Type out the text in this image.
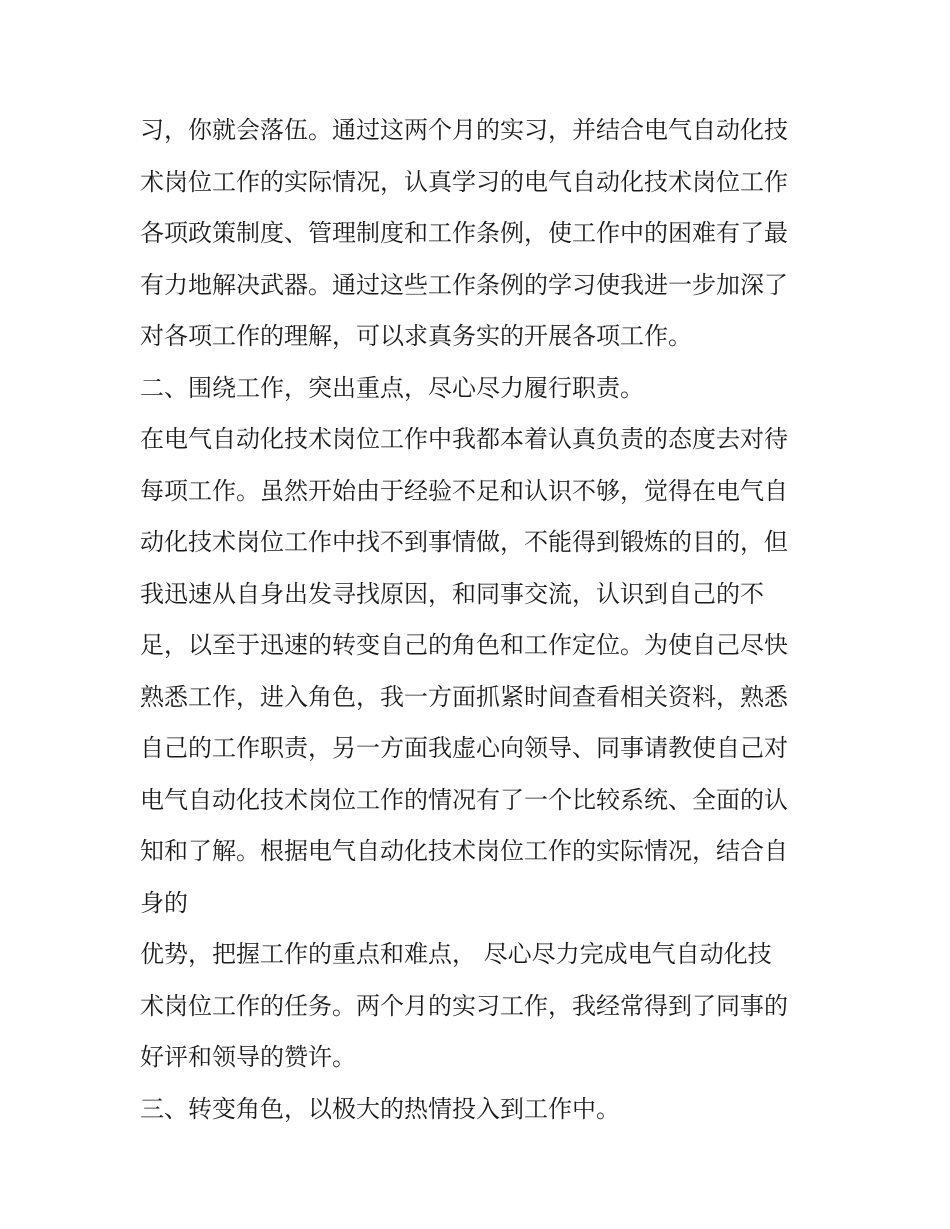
习，你就会落伍。通过这两个月的实习，并结合电气自动化技
术岗位工作的实际情况，认真学习的电气自动化技术岗位工作
各项政策制度、管理制度和工作条例，使工作中的困难有了最
有力地解决武器。通过这些工作条例的学习使我进一步加深了
对各项工作的理解，可以求真务实的开展各项工作。
二、围绕工作，突出重点，尽心尽力履行职责。
在电气自动化技术岗位工作中我都本着认真负责的态度去对待
每项工作。虽然开始由于经验不足和认识不够，觉得在电气自
动化技术岗位工作中找不到事情做，不能得到锻炼的目的，但
我迅速从自身出发寻找原因，和同事交流，认识到自己的不
足，以至于迅速的转变自己的角色和工作定位。为使自己尽快
熟悉工作，进入角色，我一方面抓紧时间查看相关资料，熟悉
自己的工作职责，另一方面我虚心向领导、同事请教使自己对
电气自动化技术岗位工作的情况有了一个比较系统、全面的认
知和了解。根据电气自动化技术岗位工作的实际情况，结合自
身的
优势，把握工作的重点和难点， 尽心尽力完成电气自动化技
术岗位工作的任务。两个月的实习工作，我经常得到了同事的
好评和领导的赞许。
三、转变角色，以极大的热情投入到工作中。
